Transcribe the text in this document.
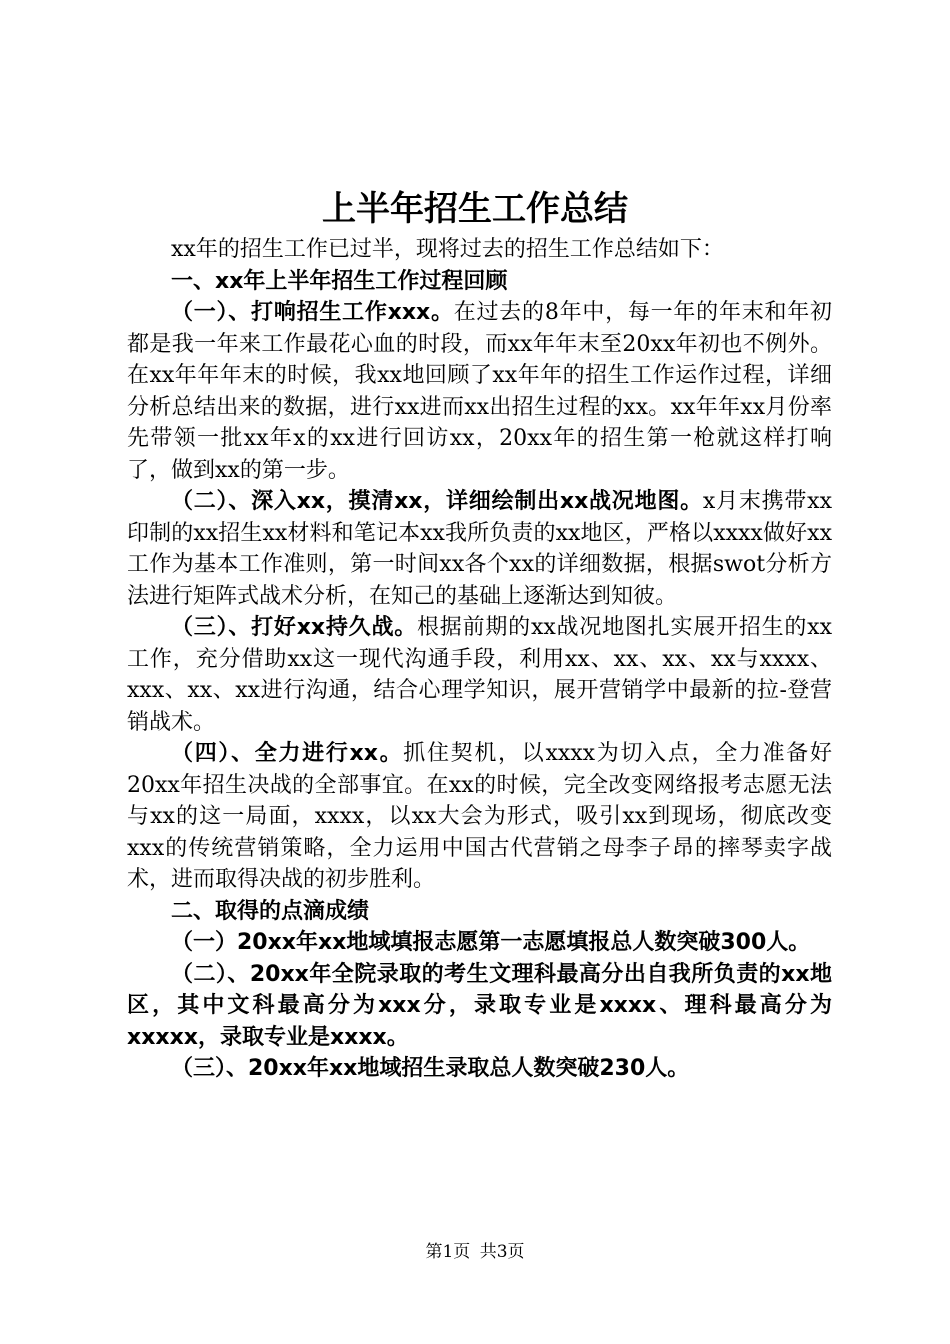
上半年招生工作总结

xx年的招生工作已过半，现将过去的招生工作总结如下：

一、xx年上半年招生工作过程回顾

（一）、打响招生工作xxx。在过去的8年中，每一年的年末和年初都是我一年来工作最花心血的时段，而xx年年末至20xx年初也不例外。在xx年年年末的时候，我xx地回顾了xx年年的招生工作运作过程，详细分析总结出来的数据，进行xx进而xx出招生过程的xx。xx年年xx月份率先带领一批xx年x的xx进行回访xx，20xx年的招生第一枪就这样打响了，做到xx的第一步。

（二）、深入xx，摸清xx，详细绘制出xx战况地图。x月末携带xx印制的xx招生xx材料和笔记本xx我所负责的xx地区，严格以xxxx做好xx工作为基本工作准则，第一时间xx各个xx的详细数据，根据swot分析方法进行矩阵式战术分析，在知己的基础上逐渐达到知彼。

（三）、打好xx持久战。根据前期的xx战况地图扎实展开招生的xx工作，充分借助xx这一现代沟通手段，利用xx、xx、xx、xx与xxxx、xxx、xx、xx进行沟通，结合心理学知识，展开营销学中最新的拉-登营销战术。

（四）、全力进行xx。抓住契机，以xxxx为切入点，全力准备好20xx年招生决战的全部事宜。在xx的时候，完全改变网络报考志愿无法与xx的这一局面，xxxx，以xx大会为形式，吸引xx到现场，彻底改变xxx的传统营销策略，全力运用中国古代营销之母李子昂的摔琴卖字战术，进而取得决战的初步胜利。

二、取得的点滴成绩

（一）20xx年xx地域填报志愿第一志愿填报总人数突破300人。

（二）、20xx年全院录取的考生文理科最高分出自我所负责的xx地区，其中文科最高分为xxx分，录取专业是xxxx、理科最高分为xxxxx，录取专业是xxxx。

（三）、20xx年xx地域招生录取总人数突破230人。

第1页 共3页
